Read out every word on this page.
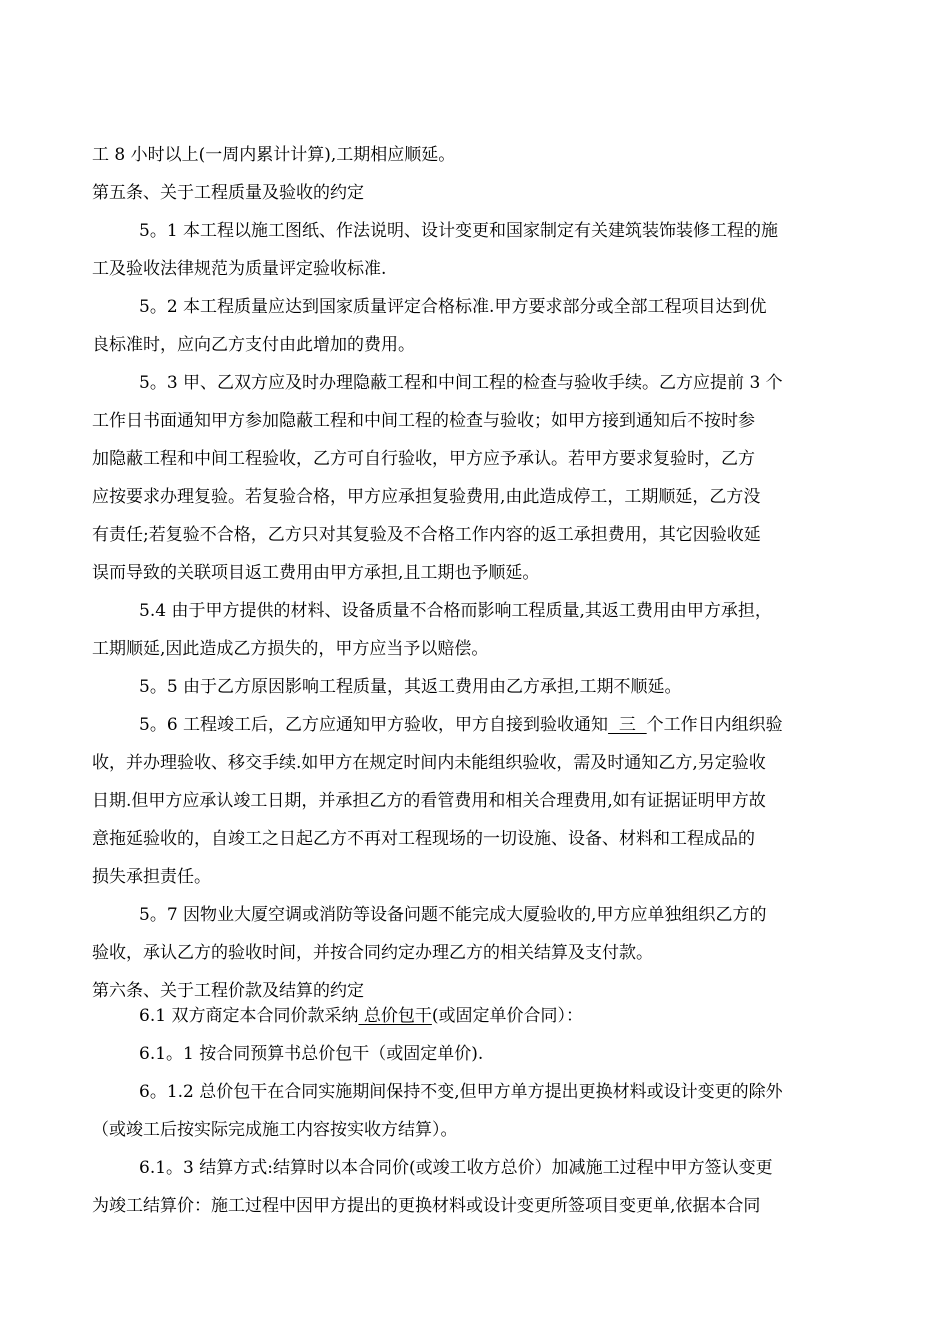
工 8 小时以上(一周内累计计算),工期相应顺延。

第五条、关于工程质量及验收的约定

5。1 本工程以施工图纸、作法说明、设计变更和国家制定有关建筑装饰装修工程的施

工及验收法律规范为质量评定验收标准.

5。2 本工程质量应达到国家质量评定合格标准.甲方要求部分或全部工程项目达到优

良标准时，应向乙方支付由此增加的费用。

5。3 甲、乙双方应及时办理隐蔽工程和中间工程的检查与验收手续。乙方应提前 3 个

工作日书面通知甲方参加隐蔽工程和中间工程的检查与验收；如甲方接到通知后不按时参

加隐蔽工程和中间工程验收，乙方可自行验收，甲方应予承认。若甲方要求复验时，乙方

应按要求办理复验。若复验合格，甲方应承担复验费用,由此造成停工，工期顺延，乙方没

有责任;若复验不合格，乙方只对其复验及不合格工作内容的返工承担费用，其它因验收延

误而导致的关联项目返工费用由甲方承担,且工期也予顺延。

5.4 由于甲方提供的材料、设备质量不合格而影响工程质量,其返工费用由甲方承担，

工期顺延,因此造成乙方损失的，甲方应当予以赔偿。

5。5 由于乙方原因影响工程质量，其返工费用由乙方承担,工期不顺延。

5。6 工程竣工后，乙方应通知甲方验收，甲方自接到验收通知  三  个工作日内组织验

收，并办理验收、移交手续.如甲方在规定时间内未能组织验收，需及时通知乙方,另定验收

日期.但甲方应承认竣工日期，并承担乙方的看管费用和相关合理费用,如有证据证明甲方故

意拖延验收的，自竣工之日起乙方不再对工程现场的一切设施、设备、材料和工程成品的

损失承担责任。

5。7 因物业大厦空调或消防等设备问题不能完成大厦验收的,甲方应单独组织乙方的

验收，承认乙方的验收时间，并按合同约定办理乙方的相关结算及支付款。

第六条、关于工程价款及结算的约定

6.1 双方商定本合同价款采纳 总价包干(或固定单价合同）：

6.1。1 按合同预算书总价包干（或固定单价).

6。1.2 总价包干在合同实施期间保持不变,但甲方单方提出更换材料或设计变更的除外

（或竣工后按实际完成施工内容按实收方结算）。

6.1。3 结算方式:结算时以本合同价(或竣工收方总价）加减施工过程中甲方签认变更

为竣工结算价：施工过程中因甲方提出的更换材料或设计变更所签项目变更单,依据本合同
